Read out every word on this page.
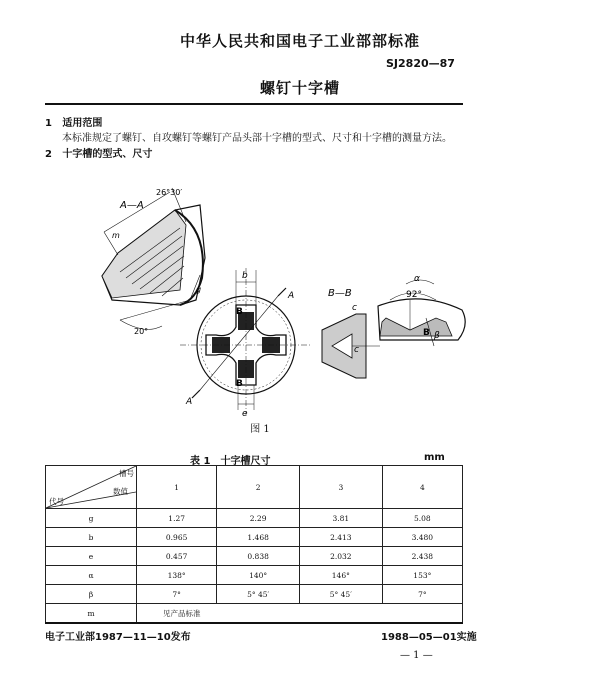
中华人民共和国电子工业部部标准
SJ2820—87
螺钉十字槽
1 适用范围
本标准规定了螺钉、自攻螺钉等螺钉产品头部十字槽的型式、尺寸和十字槽的测量方法。
2 十字槽的型式、尺寸
A—A
26°30′
20°
m
g
b
B
B
e
A
A
B—B
α
92°
c
c
B β
图 1
表 1　十字槽尺寸	mm
槽号
数值
代号	1	2	3	4
g	1.27	2.29	3.81	5.08
b	0.965	1.468	2.413	3.480
e	0.457	0.838	2.032	2.438
α	138°	140°	146°	153°
β	7°	5° 45′	5° 45′	7°
m	见产品标准			
电子工业部1987—11—10发布	1988—05—01实施
— 1 —
